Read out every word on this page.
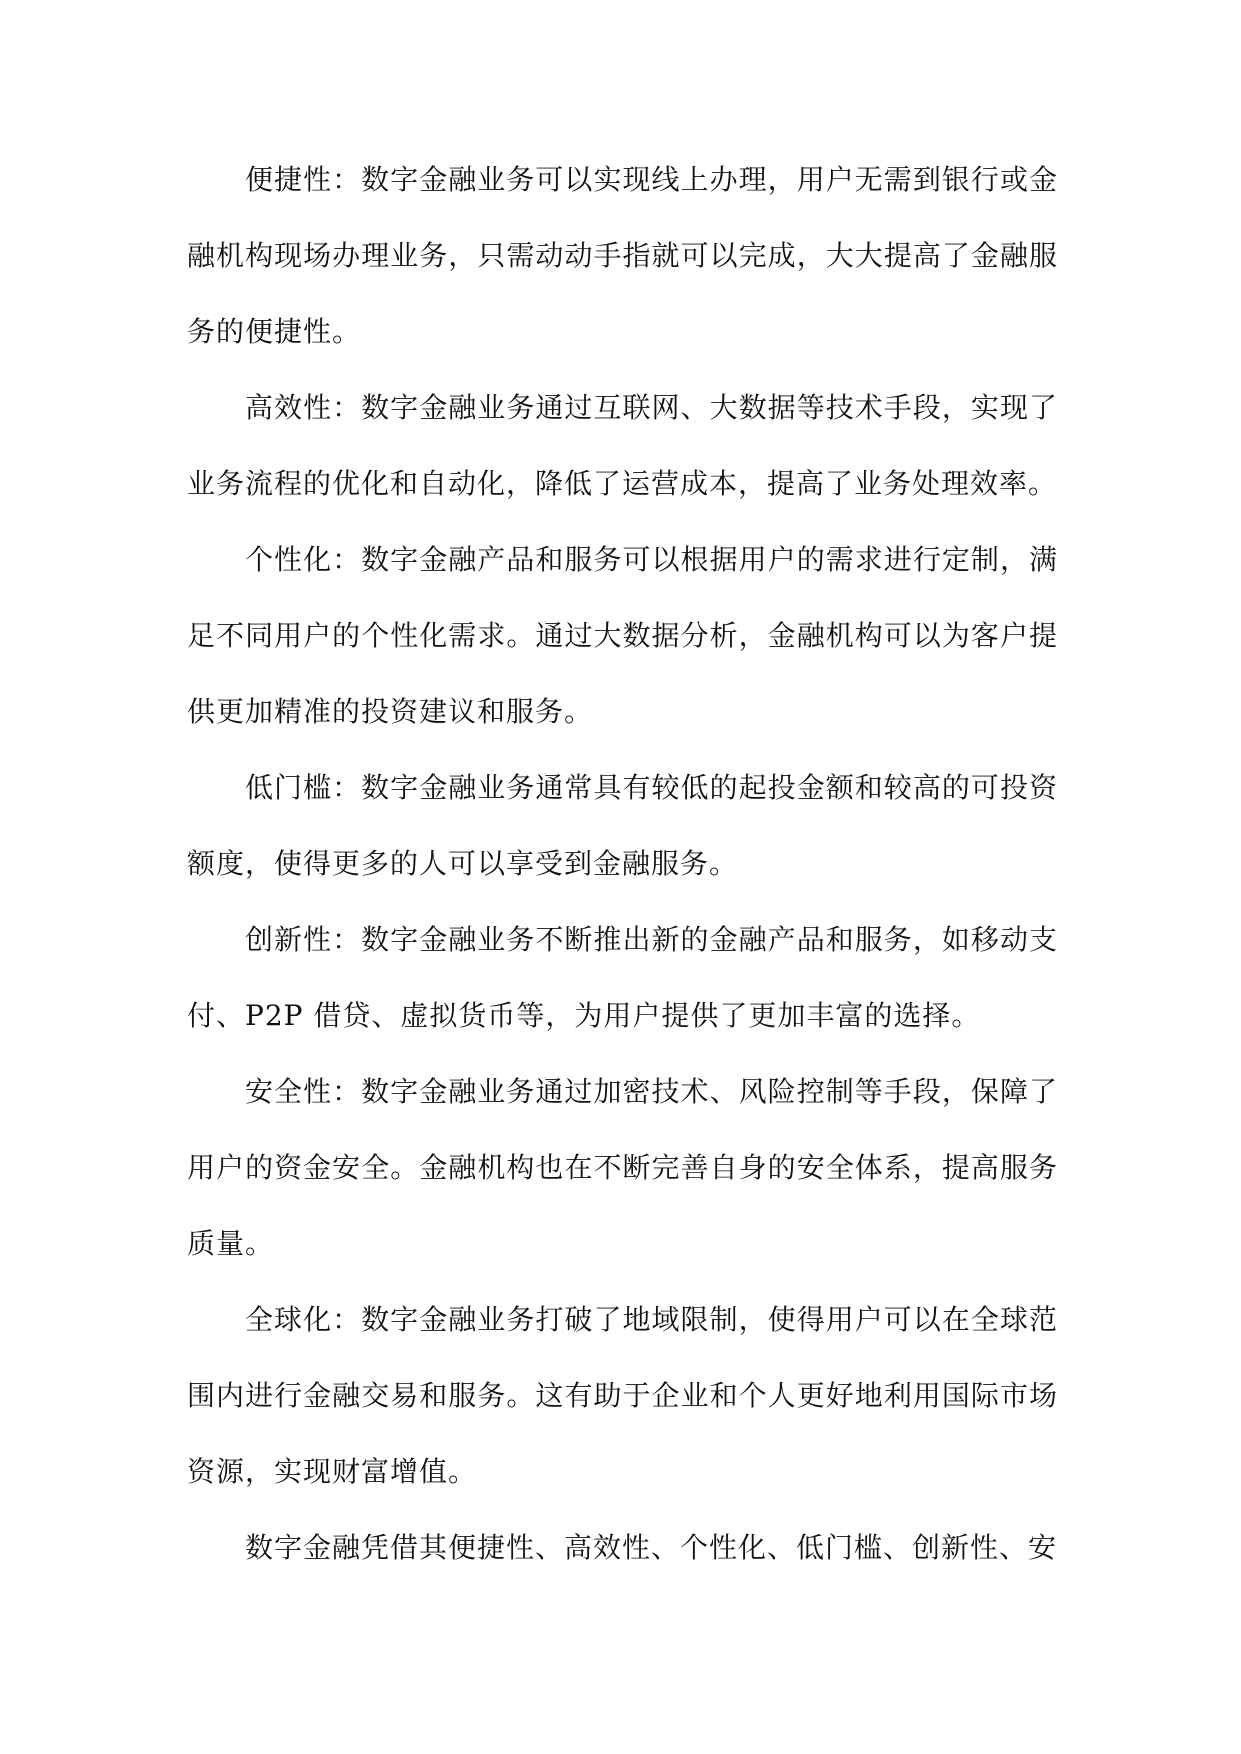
便捷性：数字金融业务可以实现线上办理，用户无需到银行或金融机构现场办理业务，只需动动手指就可以完成，大大提高了金融服务的便捷性。

高效性：数字金融业务通过互联网、大数据等技术手段，实现了业务流程的优化和自动化，降低了运营成本，提高了业务处理效率。

个性化：数字金融产品和服务可以根据用户的需求进行定制，满足不同用户的个性化需求。通过大数据分析，金融机构可以为客户提供更加精准的投资建议和服务。

低门槛：数字金融业务通常具有较低的起投金额和较高的可投资额度，使得更多的人可以享受到金融服务。

创新性：数字金融业务不断推出新的金融产品和服务，如移动支付、P2P 借贷、虚拟货币等，为用户提供了更加丰富的选择。

安全性：数字金融业务通过加密技术、风险控制等手段，保障了用户的资金安全。金融机构也在不断完善自身的安全体系，提高服务质量。

全球化：数字金融业务打破了地域限制，使得用户可以在全球范围内进行金融交易和服务。这有助于企业和个人更好地利用国际市场资源，实现财富增值。

数字金融凭借其便捷性、高效性、个性化、低门槛、创新性、安
